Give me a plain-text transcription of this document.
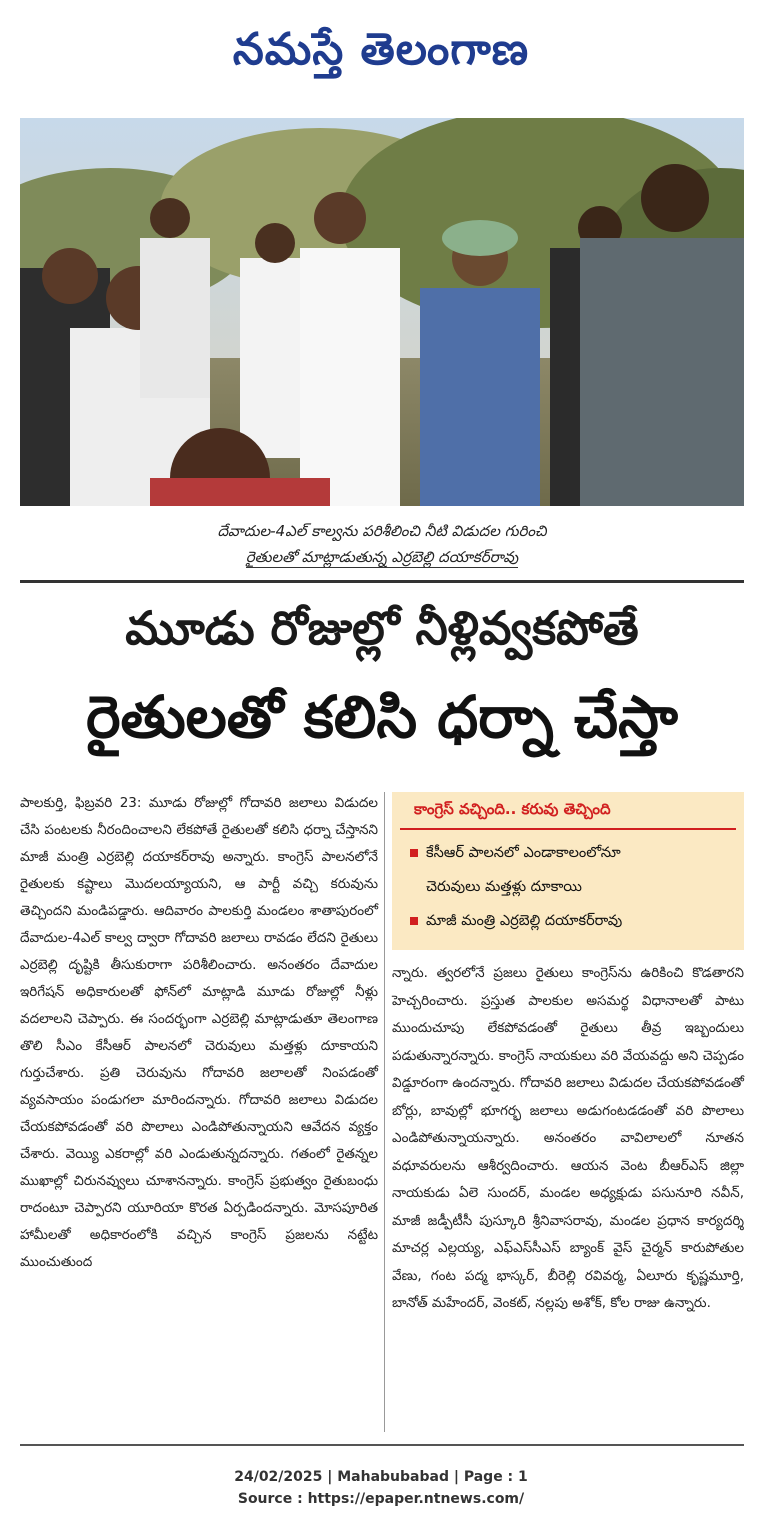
నమస్తే తెలంగాణ
దేవాదుల-4ఎల్ కాల్వను పరిశీలించి నీటి విడుదల గురించి
రైతులతో మాట్లాడుతున్న ఎర్రబెల్లి దయాకర్‌రావు
మూడు రోజుల్లో నీళ్లివ్వకపోతే
రైతులతో కలిసి ధర్నా చేస్తా
పాలకుర్తి, ఫిబ్రవరి 23: మూడు రోజుల్లో గోదావరి జలాలు విడుదల చేసి పంటలకు నీరందించాలని లేకపోతే రైతులతో కలిసి ధర్నా చేస్తానని మాజీ మంత్రి ఎర్రబెల్లి దయాకర్‌రావు అన్నారు. కాంగ్రెస్ పాలనలోనే రైతులకు కష్టాలు మొదలయ్యాయని, ఆ పార్టీ వచ్చి కరువును తెచ్చిందని మండిపడ్డారు. ఆదివారం పాలకుర్తి మండలం శాతాపురంలో దేవాదుల-4ఎల్ కాల్వ ద్వారా గోదావరి జలాలు రావడం లేదని రైతులు ఎర్రబెల్లి దృష్టికి తీసుకురాగా పరిశీలించారు. అనంతరం దేవాదుల ఇరిగేషన్ అధికారులతో ఫోన్‌లో మాట్లాడి మూడు రోజుల్లో నీళ్లు వదలాలని చెప్పారు. ఈ సందర్భంగా ఎర్రబెల్లి మాట్లాడుతూ తెలంగాణ తొలి సీఎం కేసీఆర్ పాలనలో చెరువులు మత్తళ్లు దూకాయని గుర్తుచేశారు. ప్రతి చెరువును గోదావరి జలాలతో నింపడంతో వ్యవసాయం పండుగలా మారిందన్నారు. గోదావరి జలాలు విడుదల చేయకపోవడంతో వరి పొలాలు ఎండిపోతున్నాయని ఆవేదన వ్యక్తం చేశారు. వెయ్యి ఎకరాల్లో వరి ఎండుతున్నదన్నారు. గతంలో రైతన్నల ముఖాల్లో చిరునవ్వులు చూశానన్నారు. కాంగ్రెస్ ప్రభుత్వం రైతుబంధు రాదంటూ చెప్పారని యూరియా కొరత ఏర్పడిందన్నారు. మోసపూరిత హామీలతో అధికారంలోకి వచ్చిన కాంగ్రెస్ ప్రజలను నట్టేట ముంచుతుంద
కాంగ్రెస్ వచ్చింది.. కరువు తెచ్చింది
కేసీఆర్ పాలనలో ఎండాకాలంలోనూ
చెరువులు మత్తళ్లు దూకాయి
మాజీ మంత్రి ఎర్రబెల్లి దయాకర్‌రావు
న్నారు. త్వరలోనే ప్రజలు రైతులు కాంగ్రెస్‌ను ఉరికించి కొడతారని హెచ్చరించారు. ప్రస్తుత పాలకుల అసమర్థ విధానాలతో పాటు ముందుచూపు లేకపోవడంతో రైతులు తీవ్ర ఇబ్బందులు పడుతున్నారన్నారు. కాంగ్రెస్ నాయకులు వరి వేయవద్దు అని చెప్పడం విడ్డూరంగా ఉందన్నారు. గోదావరి జలాలు విడుదల చేయకపోవడంతో బోర్లు, బావుల్లో భూగర్భ జలాలు అడుగంటడడంతో వరి పొలాలు ఎండిపోతున్నాయన్నారు. అనంతరం వావిలాలలో నూతన వధూవరులను ఆశీర్వదించారు. ఆయన వెంట బీఆర్ఎస్ జిల్లా నాయకుడు ఏలె సుందర్, మండల అధ్యక్షుడు పసునూరి నవీన్, మాజీ జడ్పీటీసీ పుస్కూరి శ్రీనివాసరావు, మండల ప్రధాన కార్యదర్శి మాచర్ల ఎల్లయ్య, ఎఫ్ఎస్‌సీఎస్ బ్యాంక్ వైస్ చైర్మన్ కారుపోతుల వేణు, గంట పద్మ భాస్కర్, బీరెల్లి రవివర్మ, ఏలూరు కృష్ణమూర్తి, బానోత్ మహేందర్, వెంకట్, నల్లపు అశోక్, కోల రాజు ఉన్నారు.
24/02/2025 | Mahabubabad | Page : 1
Source : https://epaper.ntnews.com/
